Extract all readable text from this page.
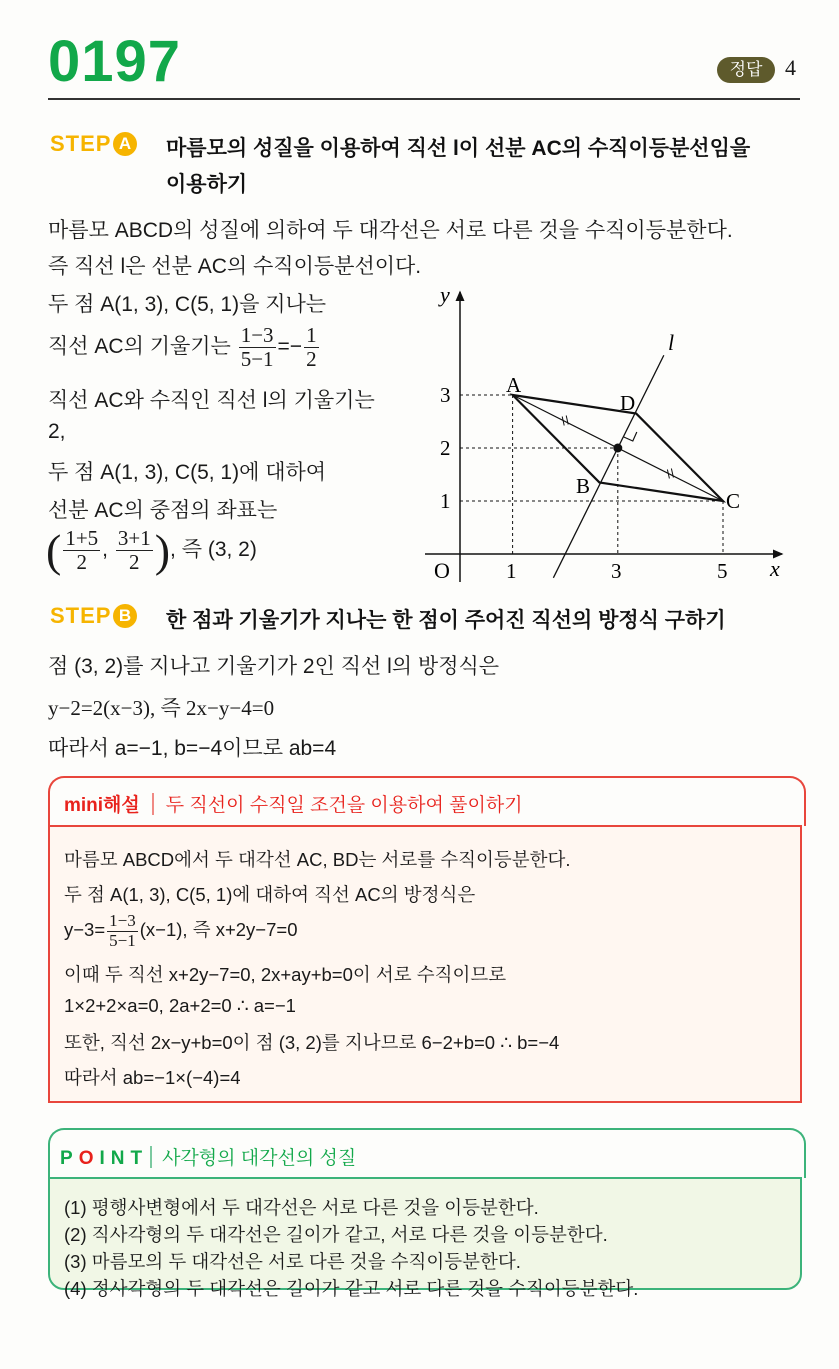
0197	정답	4
STEP A 마름모의 성질을 이용하여 직선 l이 선분 AC의 수직이등분선임을
이용하기
마름모 ABCD의 성질에 의하여 두 대각선은 서로 다른 것을 수직이등분한다.
즉 직선 l은 선분 AC의 수직이등분선이다.
두 점 A(1, 3), C(5, 1)을 지나는
직선 AC의 기울기는 $\frac{1-3}{5-1} =- \frac{1}{2}$
직선 AC와 수직인 직선 l의 기울기는
2,
두 점 A(1, 3), C(5, 1)에 대하여
선분 AC의 중점의 좌표는
( $\frac{1+5}{2}$ , $\frac{3+1}{2}$ ), 즉 (3, 2)
x
y
O
l
A
B
C
D
1	3	5
1
2
3
STEP B 한 점과 기울기가 지나는 한 점이 주어진 직선의 방정식 구하기
점 (3, 2)를 지나고 기울기가 2인 직선 l의 방정식은
y−2=2(x−3), 즉 2x−y−4=0
따라서 a=−1, b=−4이므로 ab=4
mini해설 두 직선이 수직일 조건을 이용하여 풀이하기
마름모 ABCD에서 두 대각선 AC, BD는 서로를 수직이등분한다.
두 점 A(1, 3), C(5, 1)에 대하여 직선 AC의 방정식은
$y-3= \frac{1-3}{5-1} (x-1)$, 즉 x+2y−7=0
이때 두 직선 x+2y−7=0, 2x+ay+b=0이 서로 수직이므로
1×2+2×a=0, 2a+2=0 ∴ a=−1
또한, 직선 2x−y+b=0이 점 (3, 2)를 지나므로 6−2+b=0 ∴ b=−4
따라서 ab=−1×(−4)=4
POINT 사각형의 대각선의 성질
(1) 평행사변형에서 두 대각선은 서로 다른 것을 이등분한다.
(2) 직사각형의 두 대각선은 길이가 같고, 서로 다른 것을 이등분한다.
(3) 마름모의 두 대각선은 서로 다른 것을 수직이등분한다.
(4) 정사각형의 두 대각선은 길이가 같고 서로 다른 것을 수직이등분한다.
